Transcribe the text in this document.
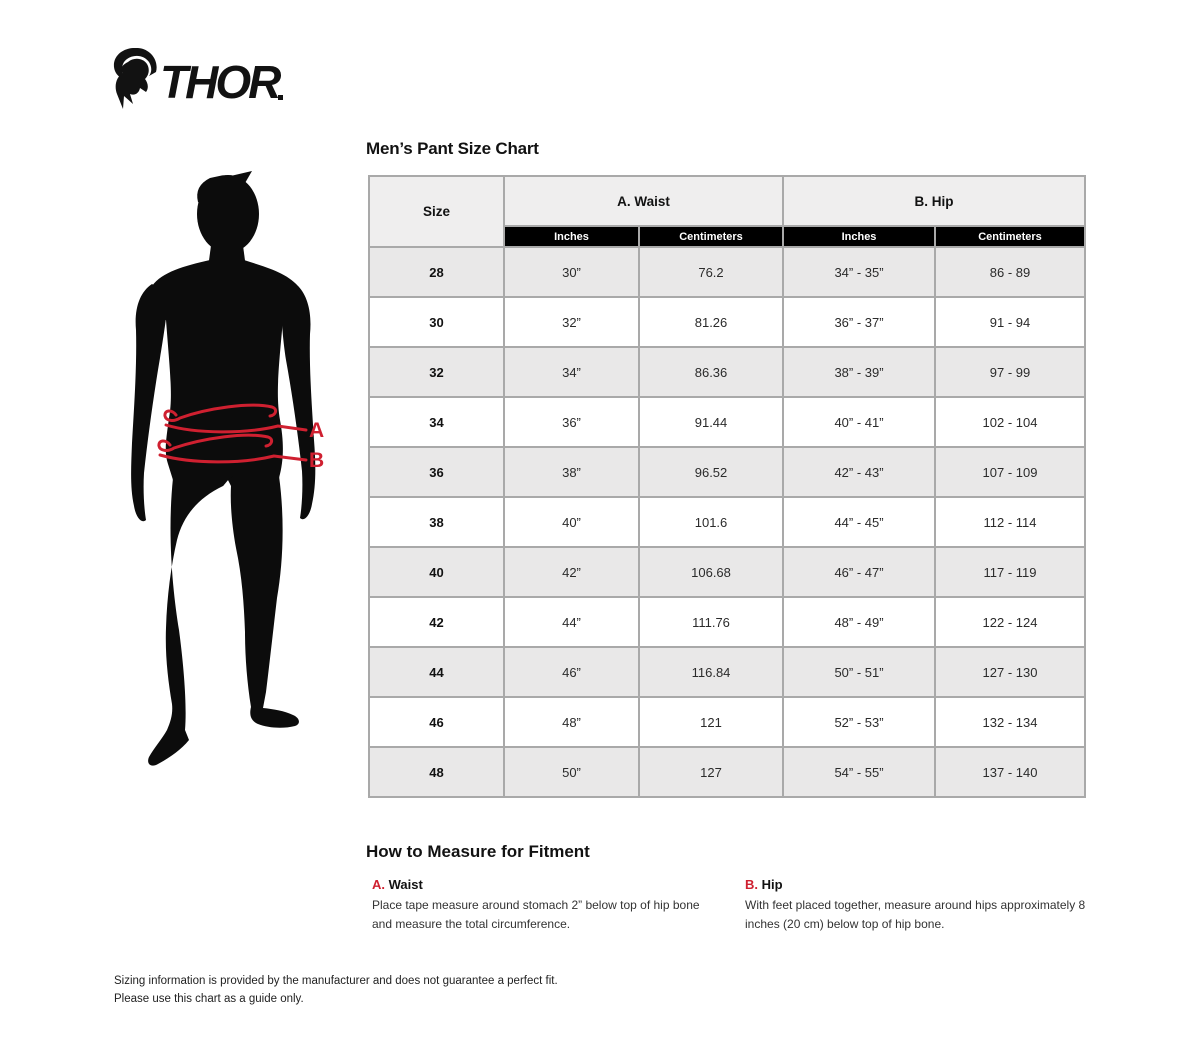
THOR
Men’s Pant Size Chart
A
B
Size	A. Waist		B. Hip	
	Inches	Centimeters	Inches	Centimeters
28	30”	76.2	34” - 35”	86 - 89
30	32”	81.26	36” - 37”	91 - 94
32	34”	86.36	38” - 39”	97 - 99
34	36”	91.44	40” - 41”	102 - 104
36	38”	96.52	42” - 43”	107 - 109
38	40”	101.6	44” - 45”	112 - 114
40	42”	106.68	46” - 47”	117 - 119
42	44”	111.76	48” - 49”	122 - 124
44	46”	116.84	50” - 51”	127 - 130
46	48”	121	52” - 53”	132 - 134
48	50”	127	54” - 55”	137 - 140
How to Measure for Fitment
A. Waist
Place tape measure around stomach 2” below top of hip bone and measure the total circumference.
B. Hip
With feet placed together, measure around hips approximately 8 inches (20 cm) below top of hip bone.
Sizing information is provided by the manufacturer and does not guarantee a perfect fit.
Please use this chart as a guide only.
